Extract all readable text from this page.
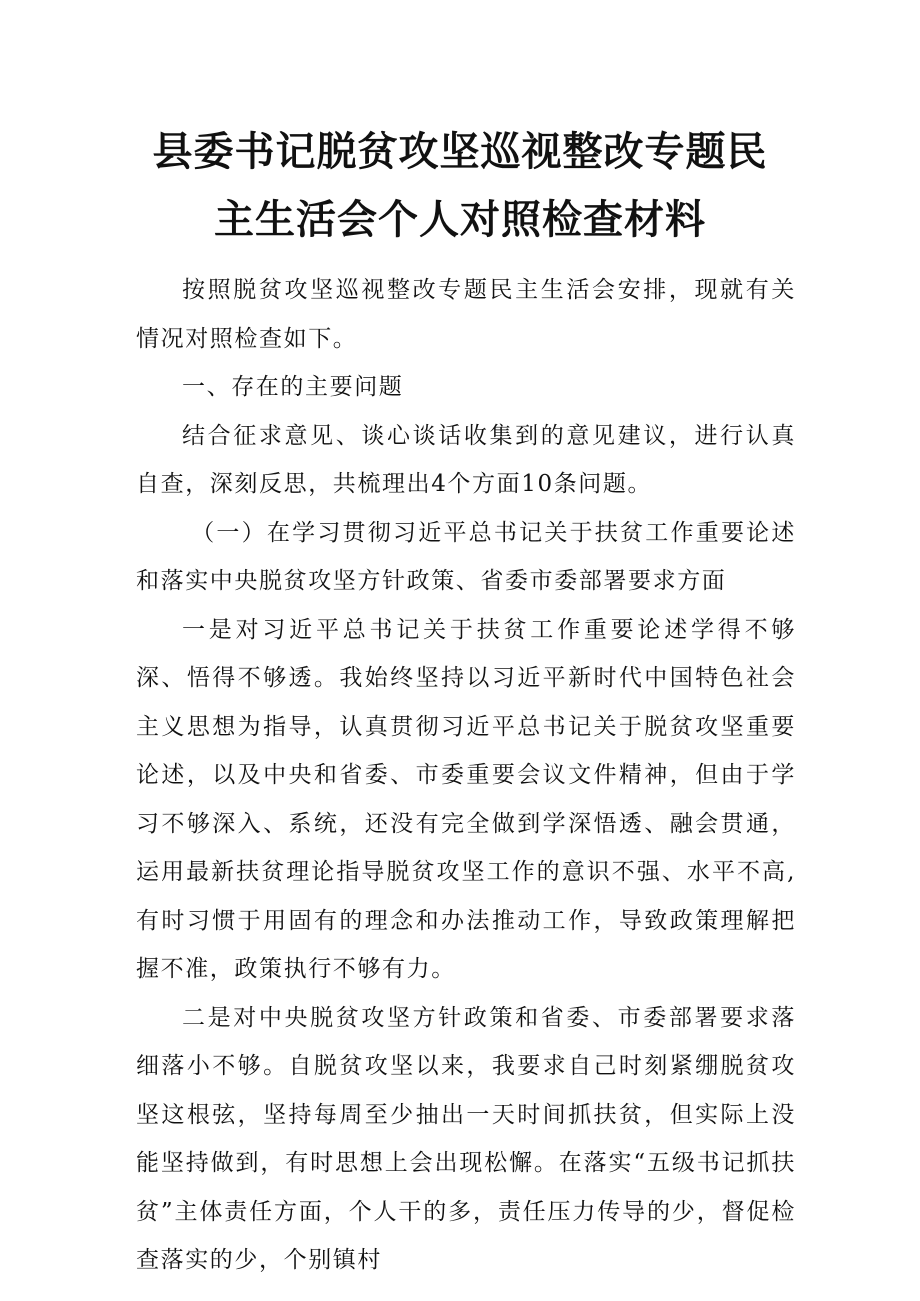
县委书记脱贫攻坚巡视整改专题民
主生活会个人对照检查材料

按照脱贫攻坚巡视整改专题民主生活会安排，现就有关情况对照检查如下。

一、存在的主要问题

结合征求意见、谈心谈话收集到的意见建议，进行认真自查，深刻反思，共梳理出4个方面10条问题。

（一）在学习贯彻习近平总书记关于扶贫工作重要论述和落实中央脱贫攻坚方针政策、省委市委部署要求方面

一是对习近平总书记关于扶贫工作重要论述学得不够深、悟得不够透。我始终坚持以习近平新时代中国特色社会主义思想为指导，认真贯彻习近平总书记关于脱贫攻坚重要论述，以及中央和省委、市委重要会议文件精神，但由于学习不够深入、系统，还没有完全做到学深悟透、融会贯通，运用最新扶贫理论指导脱贫攻坚工作的意识不强、水平不高,有时习惯于用固有的理念和办法推动工作，导致政策理解把握不准，政策执行不够有力。

二是对中央脱贫攻坚方针政策和省委、市委部署要求落细落小不够。自脱贫攻坚以来，我要求自己时刻紧绷脱贫攻坚这根弦，坚持每周至少抽出一天时间抓扶贫，但实际上没能坚持做到，有时思想上会出现松懈。在落实“五级书记抓扶贫”主体责任方面，个人干的多，责任压力传导的少，督促检查落实的少，个别镇村
